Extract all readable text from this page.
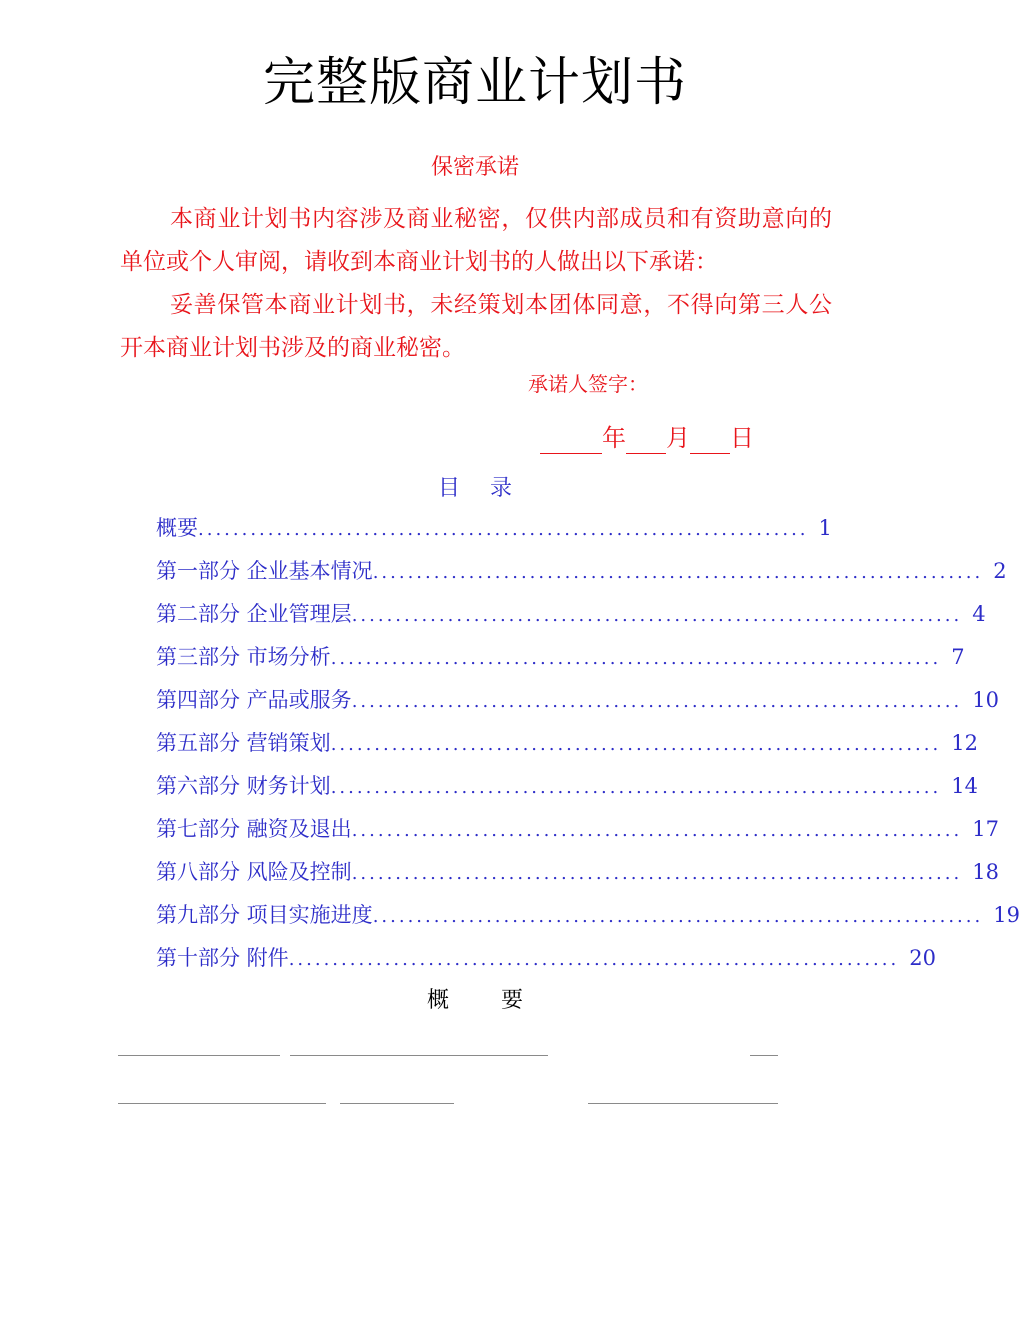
完整版商业计划书
保密承诺

本商业计划书内容涉及商业秘密，仅供内部成员和有资助意向的单位或个人审阅，请收到本商业计划书的人做出以下承诺：

妥善保管本商业计划书，未经策划本团体同意，不得向第三人公开本商业计划书涉及的商业秘密。

承诺人签字：
年 月 日
目录
概要 ...................................................................... 1
第一部分 企业基本情况 ...................................................................... 2
第二部分 企业管理层 ...................................................................... 4
第三部分 市场分析 ...................................................................... 7
第四部分 产品或服务 ...................................................................... 10
第五部分 营销策划 ...................................................................... 12
第六部分 财务计划 ...................................................................... 14
第七部分 融资及退出 ...................................................................... 17
第八部分 风险及控制 ...................................................................... 18
第九部分 项目实施进度 ...................................................................... 19
第十部分 附件 ...................................................................... 20
概要
